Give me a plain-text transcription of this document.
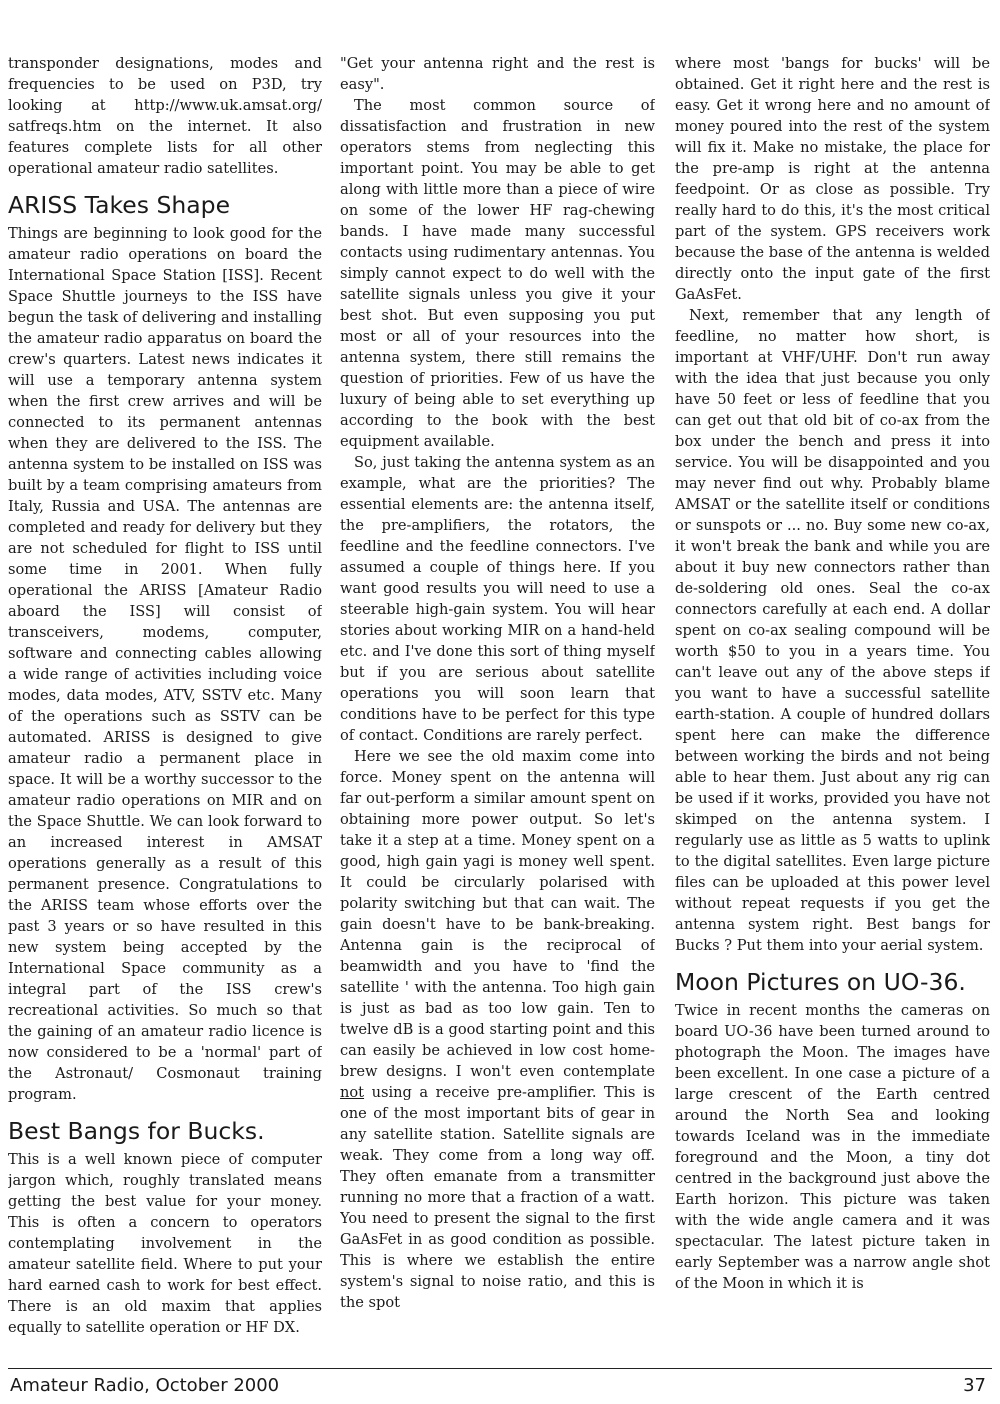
transponder designations, modes and frequencies to be used on P3D, try looking at http://www.uk.amsat.org/ satfreqs.htm on the internet. It also features complete lists for all other operational amateur radio satellites.

ARISS Takes Shape

Things are beginning to look good for the amateur radio operations on board the International Space Station [ISS]. Recent Space Shuttle journeys to the ISS have begun the task of delivering and installing the amateur radio apparatus on board the crew's quarters. Latest news indicates it will use a temporary antenna system when the first crew arrives and will be connected to its permanent antennas when they are delivered to the ISS. The antenna system to be installed on ISS was built by a team comprising amateurs from Italy, Russia and USA. The antennas are completed and ready for delivery but they are not scheduled for flight to ISS until some time in 2001. When fully operational the ARISS [Amateur Radio aboard the ISS] will consist of transceivers, modems, computer, software and connecting cables allowing a wide range of activities including voice modes, data modes, ATV, SSTV etc. Many of the operations such as SSTV can be automated. ARISS is designed to give amateur radio a permanent place in space. It will be a worthy successor to the amateur radio operations on MIR and on the Space Shuttle. We can look forward to an increased interest in AMSAT operations generally as a result of this permanent presence. Congratulations to the ARISS team whose efforts over the past 3 years or so have resulted in this new system being accepted by the International Space community as a integral part of the ISS crew's recreational activities. So much so that the gaining of an amateur radio licence is now considered to be a 'normal' part of the Astronaut/ Cosmonaut training program.

Best Bangs for Bucks.

This is a well known piece of computer jargon which, roughly translated means getting the best value for your money. This is often a concern to operators contemplating involvement in the amateur satellite field. Where to put your hard earned cash to work for best effect. There is an old maxim that applies equally to satellite operation or HF DX.

"Get your antenna right and the rest is easy".

The most common source of dissatisfaction and frustration in new operators stems from neglecting this important point. You may be able to get along with little more than a piece of wire on some of the lower HF rag-chewing bands. I have made many successful contacts using rudimentary antennas. You simply cannot expect to do well with the satellite signals unless you give it your best shot. But even supposing you put most or all of your resources into the antenna system, there still remains the question of priorities. Few of us have the luxury of being able to set everything up according to the book with the best equipment available.

So, just taking the antenna system as an example, what are the priorities? The essential elements are: the antenna itself, the pre-amplifiers, the rotators, the feedline and the feedline connectors. I've assumed a couple of things here. If you want good results you will need to use a steerable high-gain system. You will hear stories about working MIR on a hand-held etc. and I've done this sort of thing myself but if you are serious about satellite operations you will soon learn that conditions have to be perfect for this type of contact. Conditions are rarely perfect.

Here we see the old maxim come into force. Money spent on the antenna will far out-perform a similar amount spent on obtaining more power output. So let's take it a step at a time. Money spent on a good, high gain yagi is money well spent. It could be circularly polarised with polarity switching but that can wait. The gain doesn't have to be bank-breaking. Antenna gain is the reciprocal of beamwidth and you have to 'find the satellite ' with the antenna. Too high gain is just as bad as too low gain. Ten to twelve dB is a good starting point and this can easily be achieved in low cost home-brew designs. I won't even contemplate not using a receive pre-amplifier. This is one of the most important bits of gear in any satellite station. Satellite signals are weak. They come from a long way off. They often emanate from a transmitter running no more that a fraction of a watt. You need to present the signal to the first GaAsFet in as good condition as possible. This is where we establish the entire system's signal to noise ratio, and this is the spot

where most 'bangs for bucks' will be obtained. Get it right here and the rest is easy. Get it wrong here and no amount of money poured into the rest of the system will fix it. Make no mistake, the place for the pre-amp is right at the antenna feedpoint. Or as close as possible. Try really hard to do this, it's the most critical part of the system. GPS receivers work because the base of the antenna is welded directly onto the input gate of the first GaAsFet.

Next, remember that any length of feedline, no matter how short, is important at VHF/UHF. Don't run away with the idea that just because you only have 50 feet or less of feedline that you can get out that old bit of co-ax from the box under the bench and press it into service. You will be disappointed and you may never find out why. Probably blame AMSAT or the satellite itself or conditions or sunspots or ... no. Buy some new co-ax, it won't break the bank and while you are about it buy new connectors rather than de-soldering old ones. Seal the co-ax connectors carefully at each end. A dollar spent on co-ax sealing compound will be worth $50 to you in a years time. You can't leave out any of the above steps if you want to have a successful satellite earth-station. A couple of hundred dollars spent here can make the difference between working the birds and not being able to hear them. Just about any rig can be used if it works, provided you have not skimped on the antenna system. I regularly use as little as 5 watts to uplink to the digital satellites. Even large picture files can be uploaded at this power level without repeat requests if you get the antenna system right. Best bangs for Bucks ? Put them into your aerial system.

Moon Pictures on UO-36.

Twice in recent months the cameras on board UO-36 have been turned around to photograph the Moon. The images have been excellent. In one case a picture of a large crescent of the Earth centred around the North Sea and looking towards Iceland was in the immediate foreground and the Moon, a tiny dot centred in the background just above the Earth horizon. This picture was taken with the wide angle camera and it was spectacular. The latest picture taken in early September was a narrow angle shot of the Moon in which it is

Amateur Radio, October 2000	37
